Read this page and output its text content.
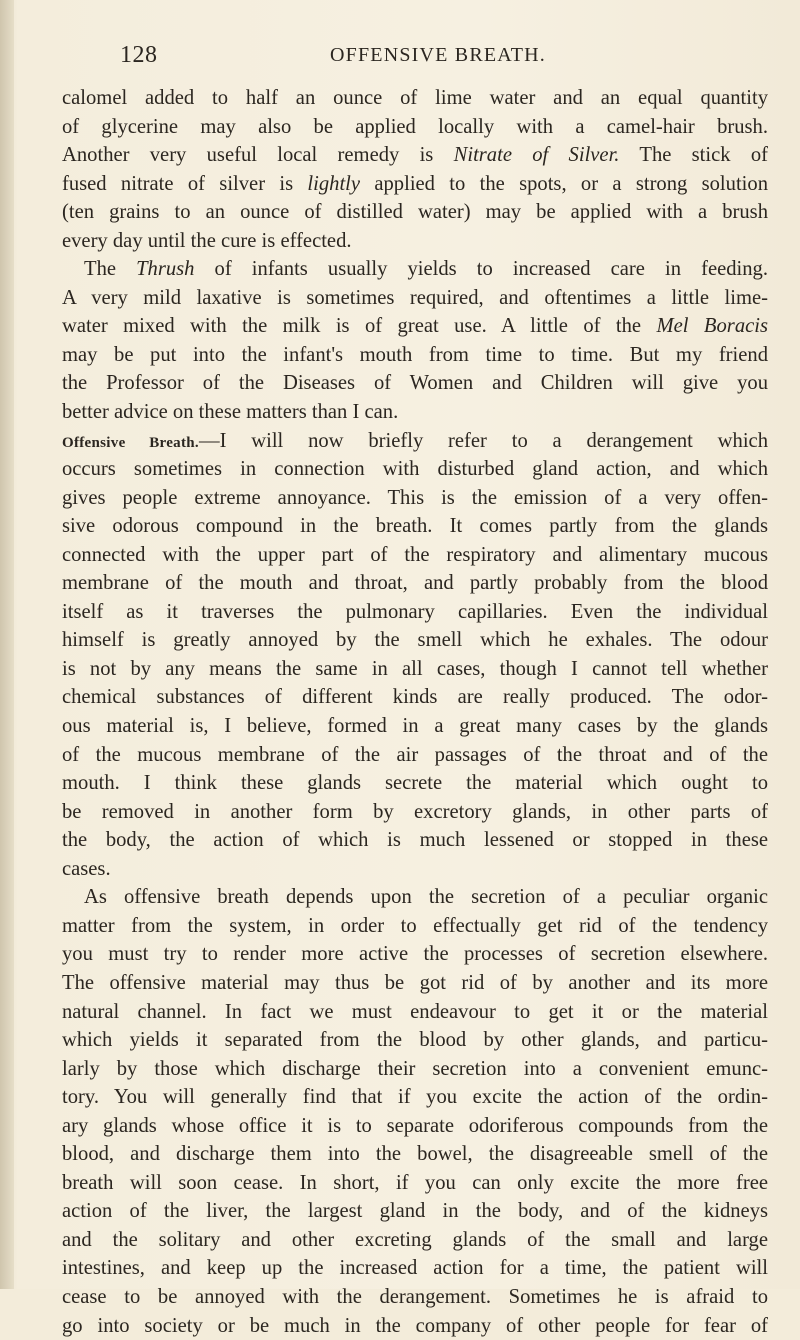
128	OFFENSIVE BREATH.
calomel added to half an ounce of lime water and an equal quantity
of glycerine may also be applied locally with a camel-hair brush.
Another very useful local remedy is Nitrate of Silver. The stick of
fused nitrate of silver is lightly applied to the spots, or a strong solution
(ten grains to an ounce of distilled water) may be applied with a brush
every day until the cure is effected.
The Thrush of infants usually yields to increased care in feeding.
A very mild laxative is sometimes required, and oftentimes a little lime-
water mixed with the milk is of great use. A little of the Mel Boracis
may be put into the infant's mouth from time to time. But my friend
the Professor of the Diseases of Women and Children will give you
better advice on these matters than I can.
Offensive Breath.—I will now briefly refer to a derangement which
occurs sometimes in connection with disturbed gland action, and which
gives people extreme annoyance. This is the emission of a very offen-
sive odorous compound in the breath. It comes partly from the glands
connected with the upper part of the respiratory and alimentary mucous
membrane of the mouth and throat, and partly probably from the blood
itself as it traverses the pulmonary capillaries. Even the individual
himself is greatly annoyed by the smell which he exhales. The odour
is not by any means the same in all cases, though I cannot tell whether
chemical substances of different kinds are really produced. The odor-
ous material is, I believe, formed in a great many cases by the glands
of the mucous membrane of the air passages of the throat and of the
mouth. I think these glands secrete the material which ought to
be removed in another form by excretory glands, in other parts of
the body, the action of which is much lessened or stopped in these
cases.
As offensive breath depends upon the secretion of a peculiar organic
matter from the system, in order to effectually get rid of the tendency
you must try to render more active the processes of secretion elsewhere.
The offensive material may thus be got rid of by another and its more
natural channel. In fact we must endeavour to get it or the material
which yields it separated from the blood by other glands, and particu-
larly by those which discharge their secretion into a convenient emunc-
tory. You will generally find that if you excite the action of the ordin-
ary glands whose office it is to separate odoriferous compounds from the
blood, and discharge them into the bowel, the disagreeable smell of the
breath will soon cease. In short, if you can only excite the more free
action of the liver, the largest gland in the body, and of the kidneys
and the solitary and other excreting glands of the small and large
intestines, and keep up the increased action for a time, the patient will
cease to be annoyed with the derangement. Sometimes he is afraid to
go into society or be much in the company of other people for fear of
